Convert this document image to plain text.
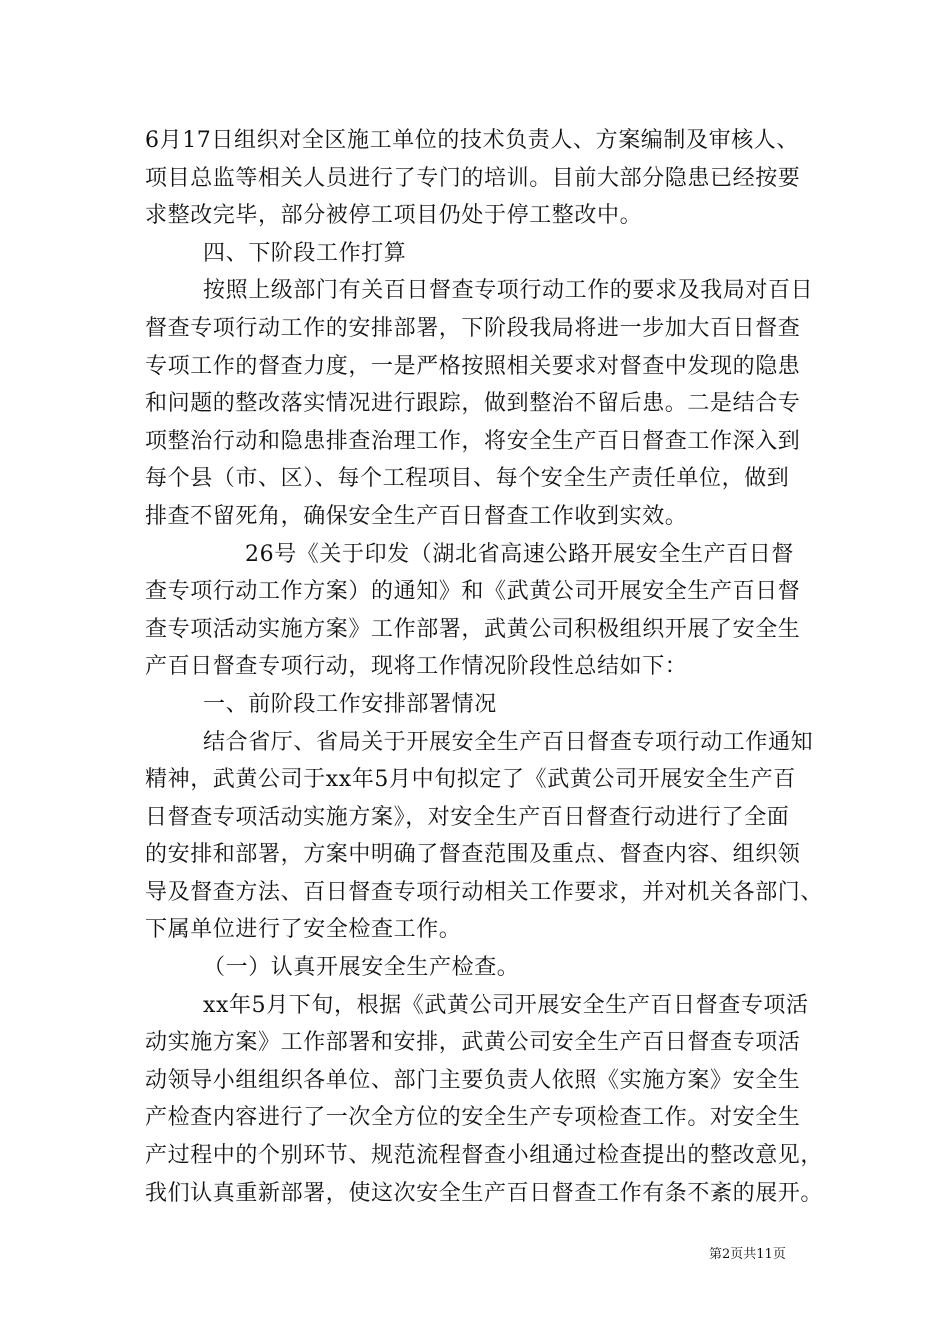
6月17日组织对全区施工单位的技术负责人、方案编制及审核人、
项目总监等相关人员进行了专门的培训。目前大部分隐患已经按要
求整改完毕，部分被停工项目仍处于停工整改中。
四、下阶段工作打算
按照上级部门有关百日督查专项行动工作的要求及我局对百日
督查专项行动工作的安排部署，下阶段我局将进一步加大百日督查
专项工作的督查力度，一是严格按照相关要求对督查中发现的隐患
和问题的整改落实情况进行跟踪，做到整治不留后患。二是结合专
项整治行动和隐患排查治理工作，将安全生产百日督查工作深入到
每个县（市、区）、每个工程项目、每个安全生产责任单位，做到
排查不留死角，确保安全生产百日督查工作收到实效。
26号《关于印发（湖北省高速公路开展安全生产百日督
查专项行动工作方案）的通知》和《武黄公司开展安全生产百日督
查专项活动实施方案》工作部署，武黄公司积极组织开展了安全生
产百日督查专项行动，现将工作情况阶段性总结如下：
一、前阶段工作安排部署情况
结合省厅、省局关于开展安全生产百日督查专项行动工作通知
精神，武黄公司于xx年5月中旬拟定了《武黄公司开展安全生产百
日督查专项活动实施方案》，对安全生产百日督查行动进行了全面
的安排和部署，方案中明确了督查范围及重点、督查内容、组织领
导及督查方法、百日督查专项行动相关工作要求，并对机关各部门、
下属单位进行了安全检查工作。
（一）认真开展安全生产检查。
xx年5月下旬，根据《武黄公司开展安全生产百日督查专项活
动实施方案》工作部署和安排，武黄公司安全生产百日督查专项活
动领导小组组织各单位、部门主要负责人依照《实施方案》安全生
产检查内容进行了一次全方位的安全生产专项检查工作。对安全生
产过程中的个别环节、规范流程督查小组通过检查提出的整改意见，
我们认真重新部署，使这次安全生产百日督查工作有条不紊的展开。
第2页共11页
